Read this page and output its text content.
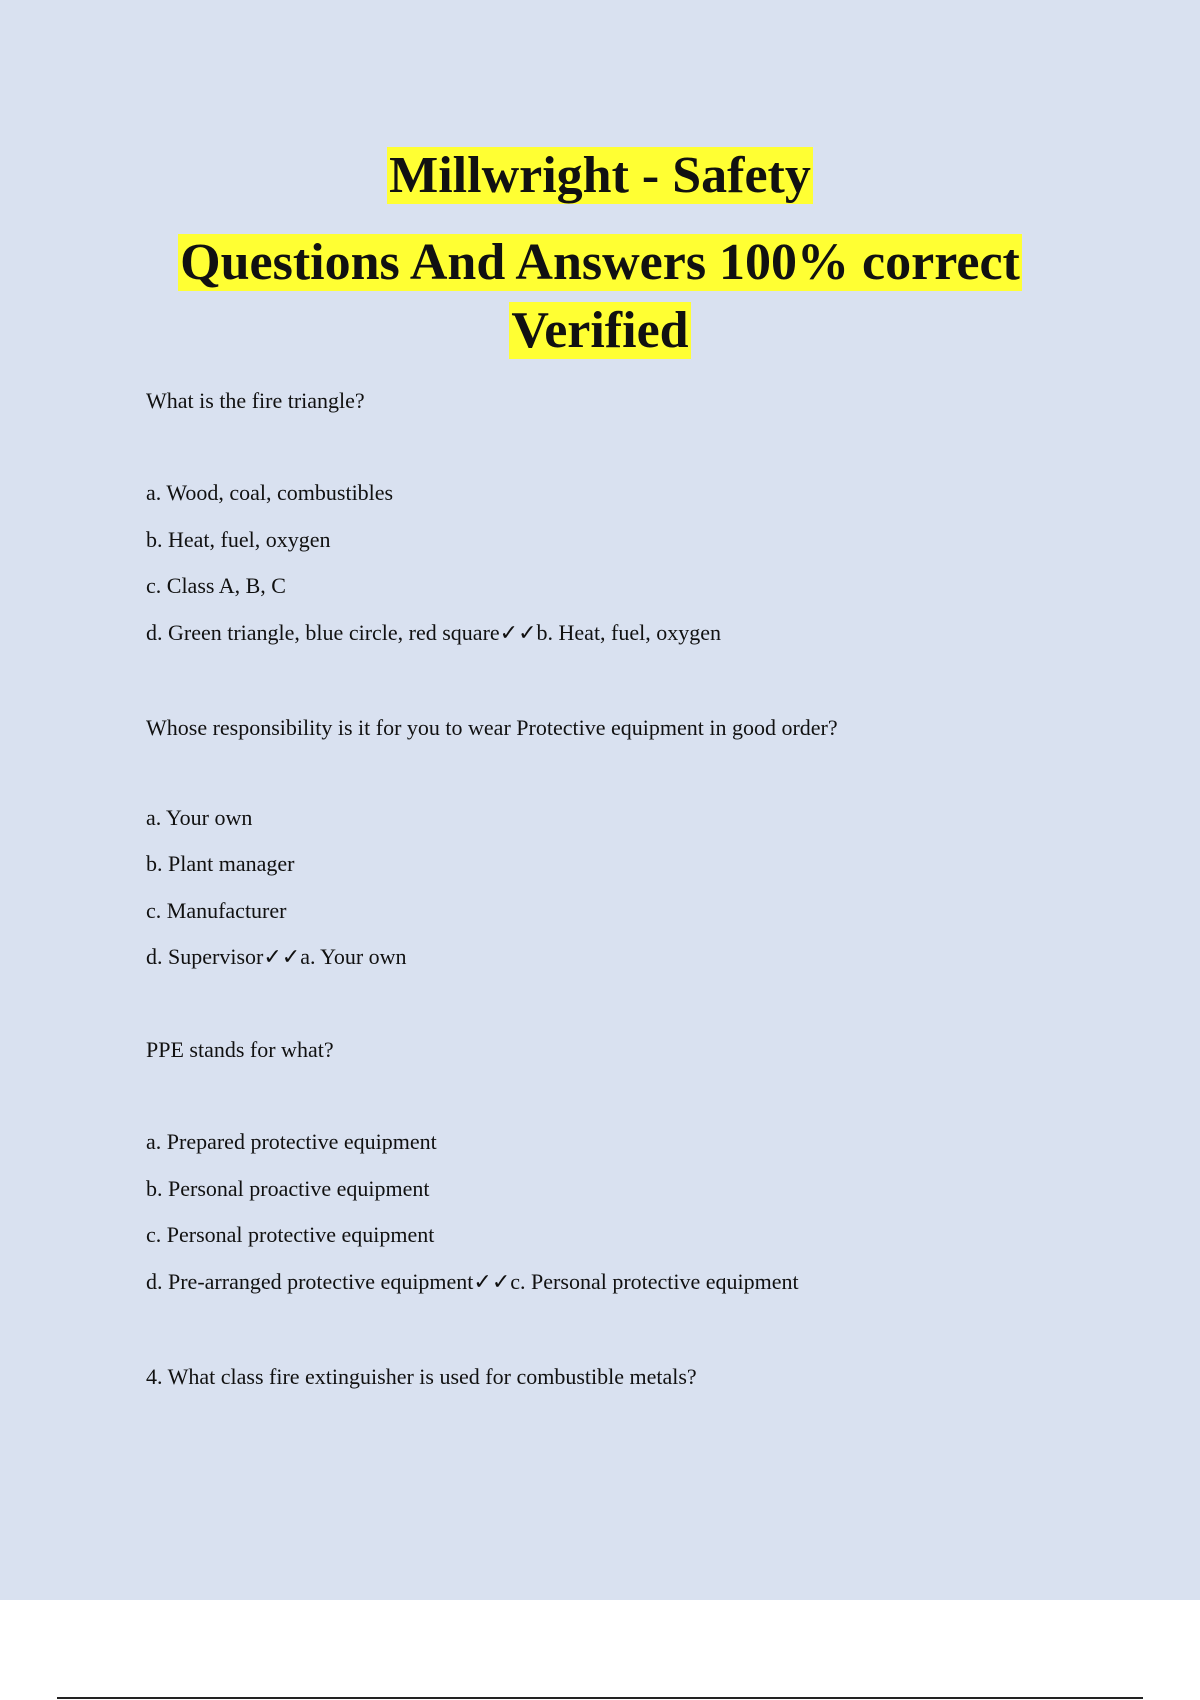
Millwright - Safety
Questions And Answers 100% correct
Verified

What is the fire triangle?

a. Wood, coal, combustibles

b. Heat, fuel, oxygen

c. Class A, B, C

d. Green triangle, blue circle, red square✓✓b. Heat, fuel, oxygen

Whose responsibility is it for you to wear Protective equipment in good order?

a. Your own

b. Plant manager

c. Manufacturer

d. Supervisor✓✓a. Your own

PPE stands for what?

a. Prepared protective equipment

b. Personal proactive equipment

c. Personal protective equipment

d. Pre-arranged protective equipment✓✓c. Personal protective equipment

4. What class fire extinguisher is used for combustible metals?
